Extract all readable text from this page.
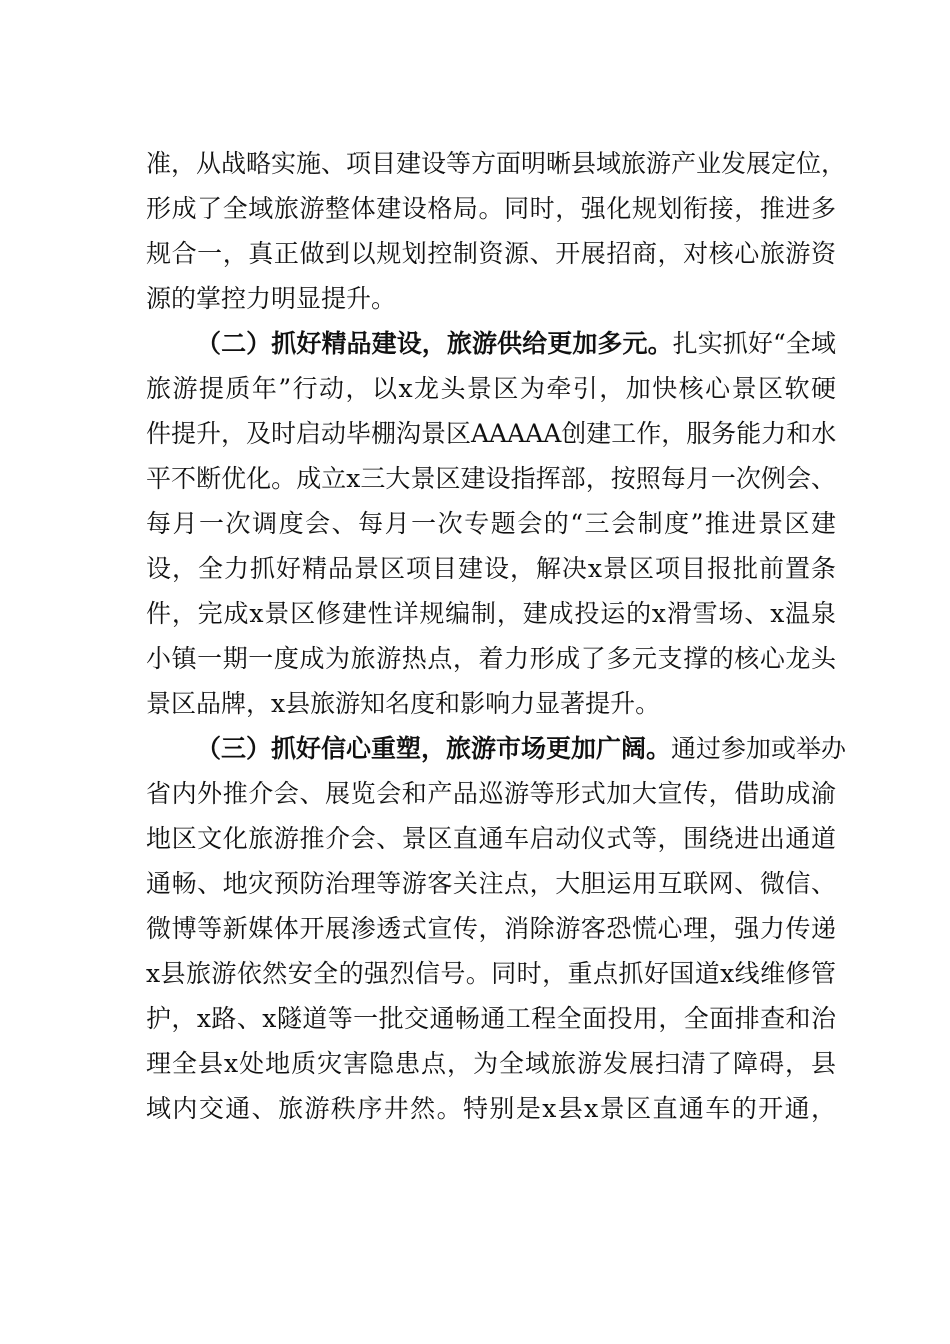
准，从战略实施、项目建设等方面明晰县域旅游产业发展定位，

形成了全域旅游整体建设格局。同时，强化规划衔接，推进多

规合一，真正做到以规划控制资源、开展招商，对核心旅游资

源的掌控力明显提升。

（二）抓好精品建设，旅游供给更加多元。扎实抓好“全域

旅游提质年”行动，以x龙头景区为牵引，加快核心景区软硬

件提升，及时启动毕棚沟景区AAAAA创建工作，服务能力和水

平不断优化。成立x三大景区建设指挥部，按照每月一次例会、

每月一次调度会、每月一次专题会的“三会制度”推进景区建

设，全力抓好精品景区项目建设，解决x景区项目报批前置条

件，完成x景区修建性详规编制，建成投运的x滑雪场、x温泉

小镇一期一度成为旅游热点，着力形成了多元支撑的核心龙头

景区品牌，x县旅游知名度和影响力显著提升。

（三）抓好信心重塑，旅游市场更加广阔。通过参加或举办

省内外推介会、展览会和产品巡游等形式加大宣传，借助成渝

地区文化旅游推介会、景区直通车启动仪式等，围绕进出通道

通畅、地灾预防治理等游客关注点，大胆运用互联网、微信、

微博等新媒体开展渗透式宣传，消除游客恐慌心理，强力传递

x县旅游依然安全的强烈信号。同时，重点抓好国道x线维修管

护，x路、x隧道等一批交通畅通工程全面投用，全面排查和治

理全县x处地质灾害隐患点，为全域旅游发展扫清了障碍，县

域内交通、旅游秩序井然。特别是x县x景区直通车的开通，
